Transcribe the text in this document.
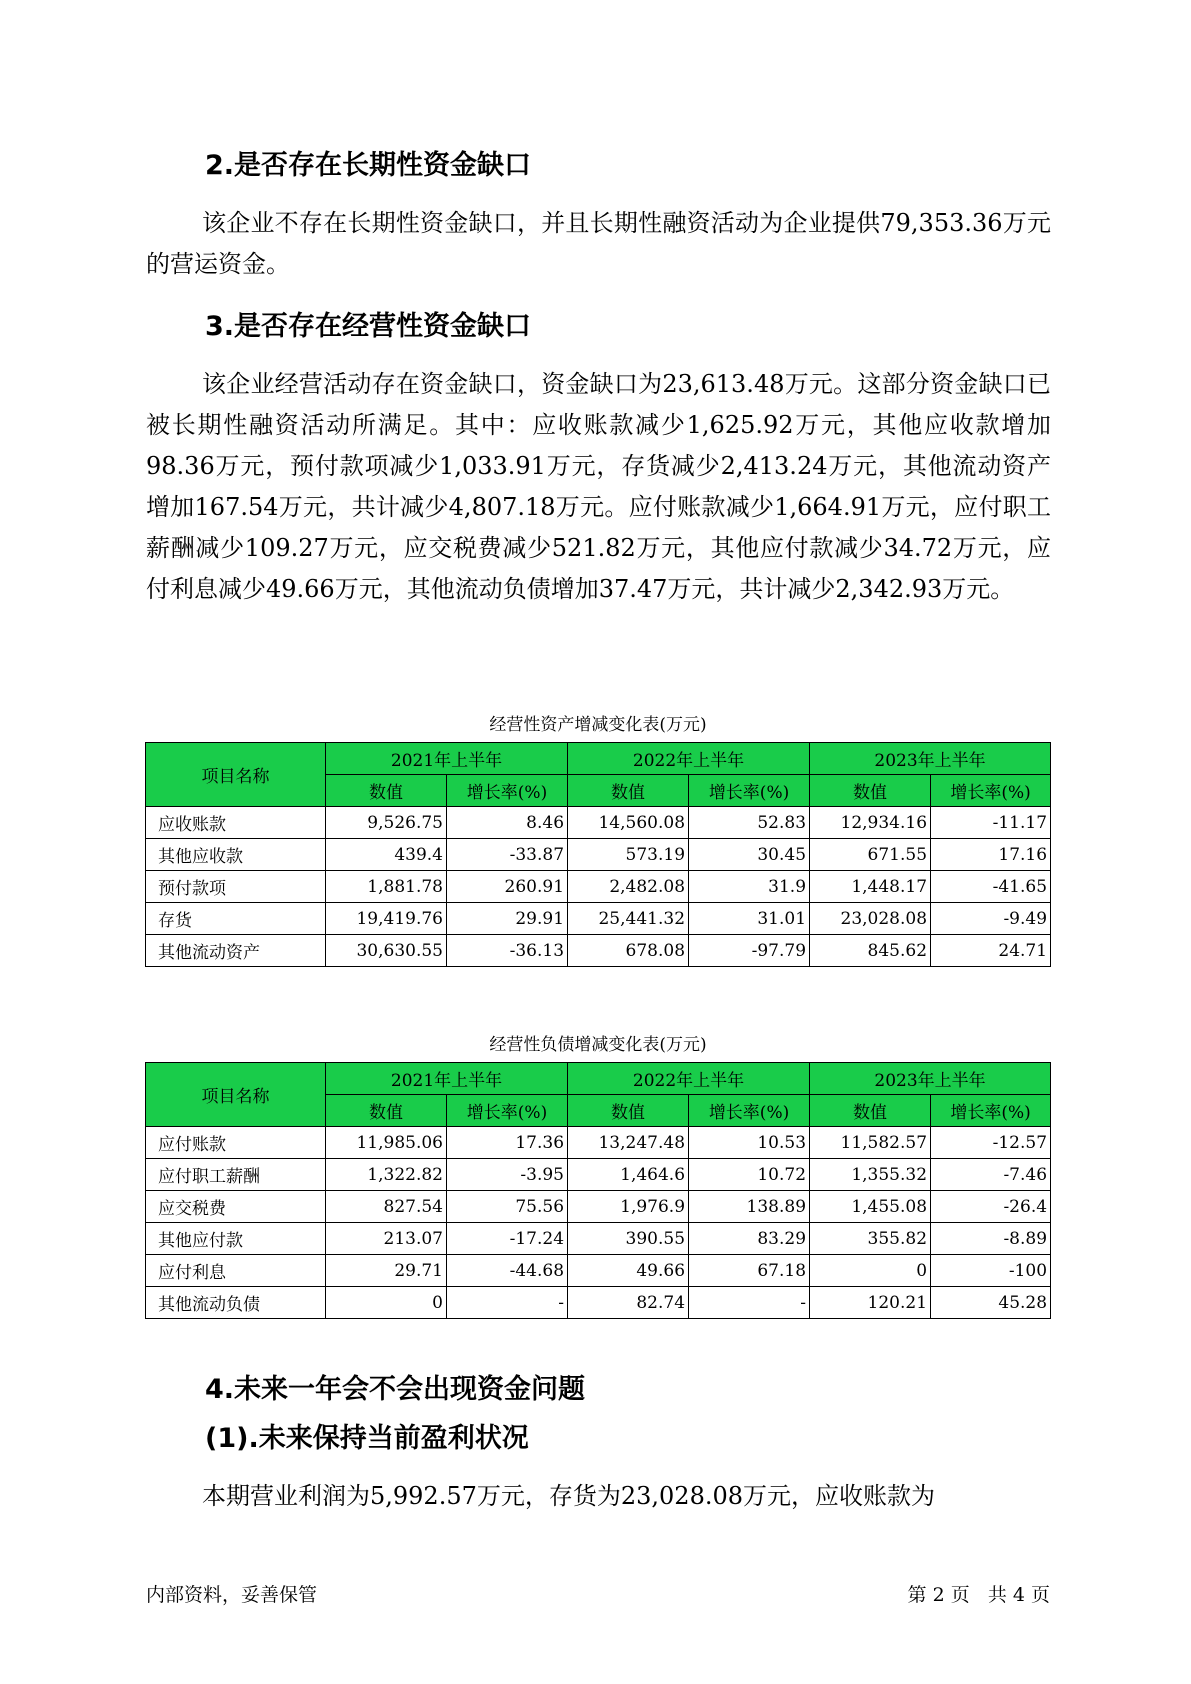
2.是否存在长期性资金缺口

该企业不存在长期性资金缺口，并且长期性融资活动为企业提供79,353.36万元的营运资金。

3.是否存在经营性资金缺口

该企业经营活动存在资金缺口，资金缺口为23,613.48万元。这部分资金缺口已被长期性融资活动所满足。其中：应收账款减少1,625.92万元，其他应收款增加98.36万元，预付款项减少1,033.91万元，存货减少2,413.24万元，其他流动资产增加167.54万元，共计减少4,807.18万元。应付账款减少1,664.91万元，应付职工薪酬减少109.27万元，应交税费减少521.82万元，其他应付款减少34.72万元，应付利息减少49.66万元，其他流动负债增加37.47万元，共计减少2,342.93万元。

经营性资产增减变化表(万元)
项目名称	2021年上半年		2022年上半年		2023年上半年	
	数值	增长率(%)	数值	增长率(%)	数值	增长率(%)
应收账款	9,526.75	8.46	14,560.08	52.83	12,934.16	-11.17
其他应收款	439.4	-33.87	573.19	30.45	671.55	17.16
预付款项	1,881.78	260.91	2,482.08	31.9	1,448.17	-41.65
存货	19,419.76	29.91	25,441.32	31.01	23,028.08	-9.49
其他流动资产	30,630.55	-36.13	678.08	-97.79	845.62	24.71
经营性负债增减变化表(万元)
项目名称	2021年上半年		2022年上半年		2023年上半年	
	数值	增长率(%)	数值	增长率(%)	数值	增长率(%)
应付账款	11,985.06	17.36	13,247.48	10.53	11,582.57	-12.57
应付职工薪酬	1,322.82	-3.95	1,464.6	10.72	1,355.32	-7.46
应交税费	827.54	75.56	1,976.9	138.89	1,455.08	-26.4
其他应付款	213.07	-17.24	390.55	83.29	355.82	-8.89
应付利息	29.71	-44.68	49.66	67.18	0	-100
其他流动负债	0	-	82.74	-	120.21	45.28
4.未来一年会不会出现资金问题
(1).未来保持当前盈利状况

本期营业利润为5,992.57万元，存货为23,028.08万元，应收账款为

内部资料，妥善保管	第 2 页   共 4 页
